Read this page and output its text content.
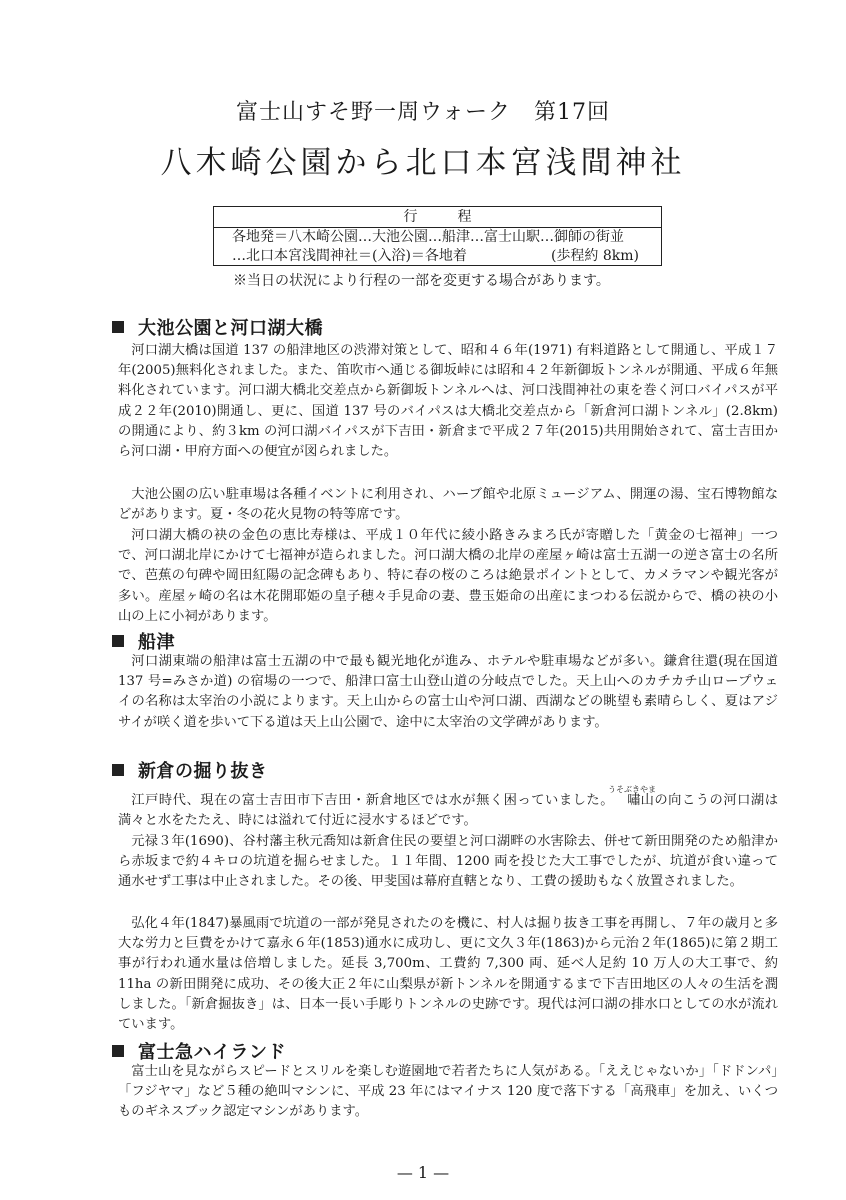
富士山すそ野一周ウォーク　第17回
八木崎公園から北口本宮浅間神社
行程
各地発＝八木崎公園…大池公園…船津…富士山駅…御師の街並
…北口本宮浅間神社＝(入浴)＝各地着	(歩程約 8km)
※当日の状況により行程の一部を変更する場合があります。
大池公園と河口湖大橋

河口湖大橋は国道 137 の船津地区の渋滞対策として、昭和４６年(1971) 有料道路として開通し、平成１７年(2005)無料化されました。また、笛吹市へ通じる御坂峠には昭和４２年新御坂トンネルが開通、平成６年無料化されています。河口湖大橋北交差点から新御坂トンネルへは、河口浅間神社の東を巻く河口バイパスが平成２２年(2010)開通し、更に、国道 137 号のバイパスは大橋北交差点から「新倉河口湖トンネル」(2.8km)の開通により、約３km の河口湖バイパスが下吉田・新倉まで平成２７年(2015)共用開始されて、富士吉田から河口湖・甲府方面への便宜が図られました。

大池公園の広い駐車場は各種イベントに利用され、ハーブ館や北原ミュージアム、開運の湯、宝石博物館などがあります。夏・冬の花火見物の特等席です。

河口湖大橋の袂の金色の恵比寿様は、平成１０年代に綾小路きみまろ氏が寄贈した「黄金の七福神」一つで、河口湖北岸にかけて七福神が造られました。河口湖大橋の北岸の産屋ヶ崎は富士五湖一の逆さ富士の名所で、芭蕉の句碑や岡田紅陽の記念碑もあり、特に春の桜のころは絶景ポイントとして、カメラマンや観光客が多い。産屋ヶ崎の名は木花開耶姫の皇子穂々手見命の妻、豊玉姫命の出産にまつわる伝説からで、橋の袂の小山の上に小祠があります。

船津

河口湖東端の船津は富士五湖の中で最も観光地化が進み、ホテルや駐車場などが多い。鎌倉往還(現在国道 137 号=みさか道) の宿場の一つで、船津口富士山登山道の分岐点でした。天上山へのカチカチ山ロープウェイの名称は太宰治の小説によります。天上山からの富士山や河口湖、西湖などの眺望も素晴らしく、夏はアジサイが咲く道を歩いて下る道は天上山公園で、途中に太宰治の文学碑があります。

新倉の掘り抜き

江戸時代、現在の富士吉田市下吉田・新倉地区では水が無く困っていました。
うそぶきやま
嘯山の向こうの河口湖は満々と水をたたえ、時には溢れて付近に浸水するほどです。

元禄３年(1690)、谷村藩主秋元喬知は新倉住民の要望と河口湖畔の水害除去、併せて新田開発のため船津から赤坂まで約４キロの坑道を掘らせました。１１年間、1200 両を投じた大工事でしたが、坑道が食い違って通水せず工事は中止されました。その後、甲斐国は幕府直轄となり、工費の援助もなく放置されました。

弘化４年(1847)暴風雨で坑道の一部が発見されたのを機に、村人は掘り抜き工事を再開し、７年の歳月と多大な労力と巨費をかけて嘉永６年(1853)通水に成功し、更に文久３年(1863)から元治２年(1865)に第２期工事が行われ通水量は倍増しました。延長 3,700m、工費約 7,300 両、延べ人足約 10 万人の大工事で、約 11ha の新田開発に成功、その後大正２年に山梨県が新トンネルを開通するまで下吉田地区の人々の生活を潤しました。「新倉掘抜き」は、日本一長い手彫りトンネルの史跡です。現代は河口湖の排水口としての水が流れています。

富士急ハイランド

富士山を見ながらスピードとスリルを楽しむ遊園地で若者たちに人気がある。「ええじゃないか」「ドドンパ」「フジヤマ」など５種の絶叫マシンに、平成 23 年にはマイナス 120 度で落下する「高飛車」を加え、いくつものギネスブック認定マシンがあります。

— 1 —
